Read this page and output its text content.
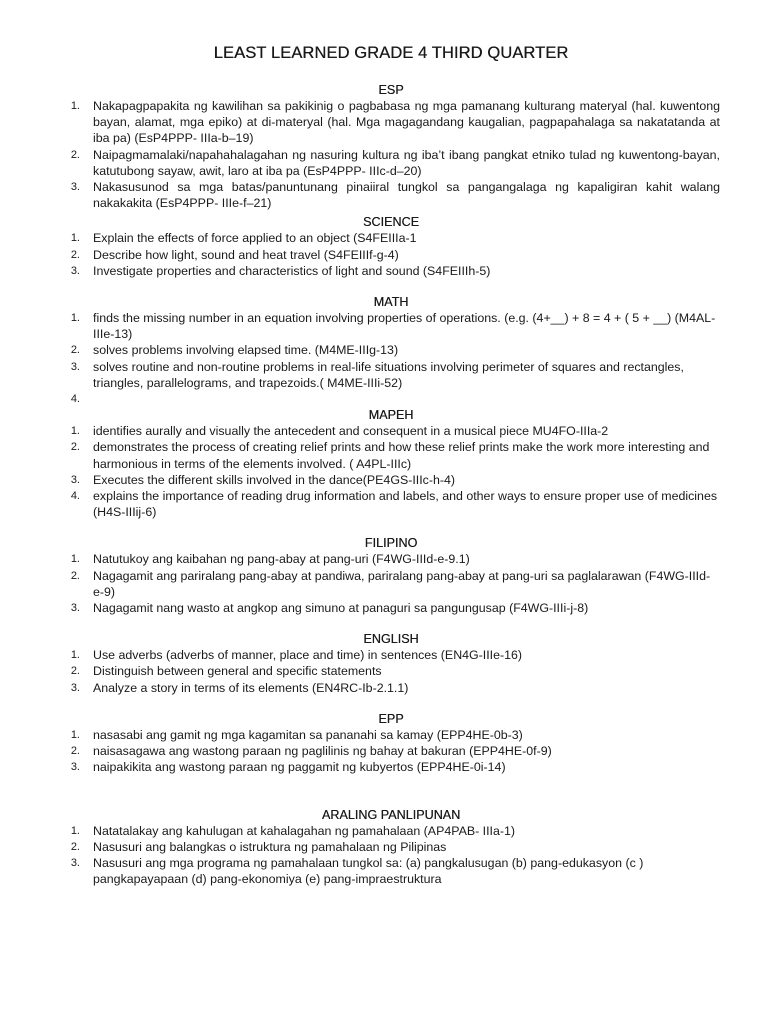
LEAST LEARNED GRADE 4 THIRD QUARTER
ESP
1. Nakapagpapakita ng kawilihan sa pakikinig o pagbabasa ng mga pamanang kulturang materyal (hal. kuwentong bayan, alamat, mga epiko) at di-materyal (hal. Mga magagandang kaugalian, pagpapahalaga sa nakatatanda at iba pa) (EsP4PPP- IIIa-b–19)
2. Naipagmamalaki/napahahalagahan ng nasuring kultura ng iba’t ibang pangkat etniko tulad ng kuwentong-bayan, katutubong sayaw, awit, laro at iba pa (EsP4PPP- IIIc-d–20)
3. Nakasusunod sa mga batas/panuntunang pinaiiral tungkol sa pangangalaga ng kapaligiran kahit walang nakakakita (EsP4PPP- IIIe-f–21)
SCIENCE
1. Explain the effects of force applied to an object (S4FEIIIa-1
2. Describe how light, sound and heat travel (S4FEIIIf-g-4)
3. Investigate properties and characteristics of light and sound (S4FEIIIh-5)
MATH
1. finds the missing number in an equation involving properties of operations. (e.g. (4+__) + 8 = 4 + ( 5 + __) (M4AL-IIIe-13)
2. solves problems involving elapsed time. (M4ME-IIIg-13)
3. solves routine and non-routine problems in real-life situations involving perimeter of squares and rectangles, triangles, parallelograms, and trapezoids.( M4ME-IIIi-52)
4.

MAPEH
1. identifies aurally and visually the antecedent and consequent in a musical piece MU4FO-IIIa-2
2. demonstrates the process of creating relief prints and how these relief prints make the work more interesting and harmonious in terms of the elements involved. ( A4PL-IIIc)
3. Executes the different skills involved in the dance(PE4GS-IIIc-h-4)
4. explains the importance of reading drug information and labels, and other ways to ensure proper use of medicines (H4S-IIIij-6)
FILIPINO
1. Natutukoy ang kaibahan ng pang-abay at pang-uri (F4WG-IIId-e-9.1)
2. Nagagamit ang pariralang pang-abay at pandiwa, pariralang pang-abay at pang-uri sa paglalarawan (F4WG-IIId-e-9)
3. Nagagamit nang wasto at angkop ang simuno at panaguri sa pangungusap (F4WG-IIIi-j-8)
ENGLISH
1. Use adverbs (adverbs of manner, place and time) in sentences (EN4G-IIIe-16)
2. Distinguish between general and specific statements
3. Analyze a story in terms of its elements (EN4RC-Ib-2.1.1)
EPP
1. nasasabi ang gamit ng mga kagamitan sa pananahi sa kamay (EPP4HE-0b-3)
2. naisasagawa ang wastong paraan ng paglilinis ng bahay at bakuran (EPP4HE-0f-9)
3. naipakikita ang wastong paraan ng paggamit ng kubyertos (EPP4HE-0i-14)
ARALING PANLIPUNAN
1. Natatalakay ang kahulugan at kahalagahan ng pamahalaan (AP4PAB- IIIa-1)
2. Nasusuri ang balangkas o istruktura ng pamahalaan ng Pilipinas
3. Nasusuri ang mga programa ng pamahalaan tungkol sa: (a) pangkalusugan (b) pang-edukasyon (c ) pangkapayapaan (d) pang-ekonomiya (e) pang-impraestruktura
